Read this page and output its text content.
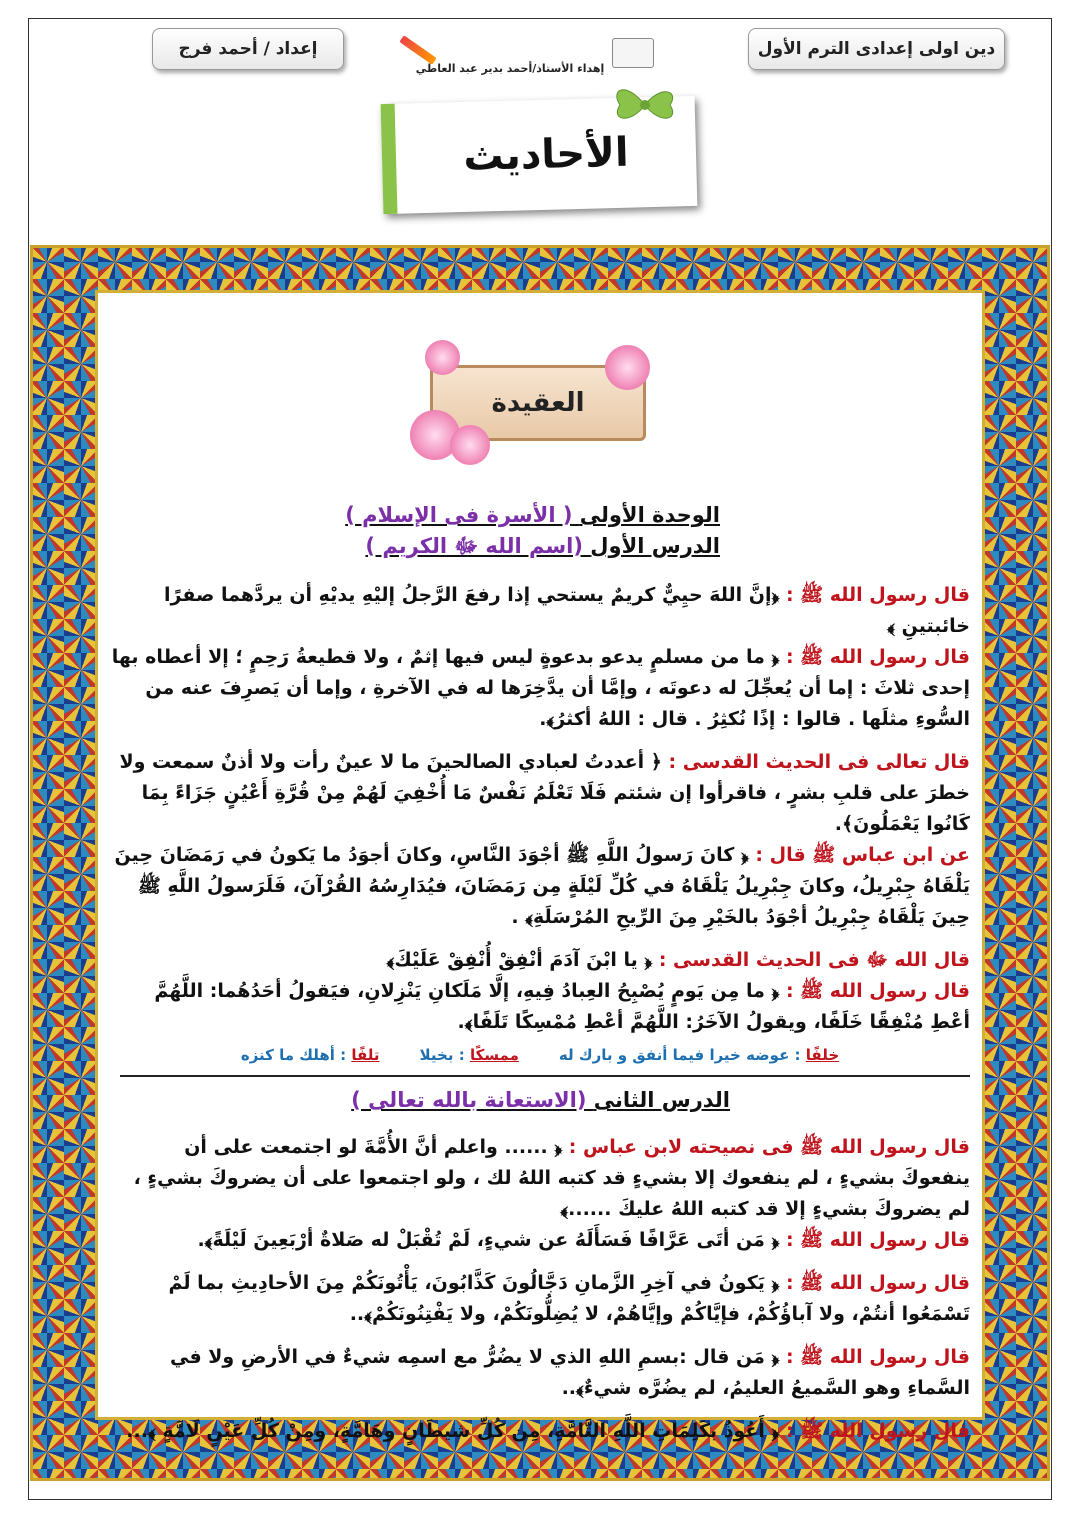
إعداد / أحمد فرج	دين اولى إعدادى الترم الأول
إهداء الأستاذ/أحمد بدير عبد العاطي
الأحاديث
العقيدة

الوحدة الأولى ( الأسرة فى الإسلام )

الدرس الأول (اسم الله ﷻ الكريم )

قال رسول الله ﷺ : ﴿إنَّ اللهَ حيِيٌّ كريمٌ يستحي إذا رفعَ الرَّجلُ إليْهِ يديْهِ أن يردَّهما صفرًا خائبتينِ ﴾

قال رسول الله ﷺ : ﴿ ما من مسلمٍ يدعو بدعوةٍ ليس فيها إثمٌ ، ولا قطيعةُ رَحِمٍ ؛ إلا أعطاه بها إحدى ثلاثَ : إما أن يُعجِّلَ له دعوتَه ، وإمَّا أن يدَّخِرَها له في الآخرةِ ، وإما أن يَصرِفَ عنه من السُّوءِ مثلَها . قالوا : إذًا نُكثِرُ . قال : اللهُ أكثرُ﴾.

قال تعالى فى الحديث القدسى : ﴿ أعددتُ لعبادي الصالحينَ ما لا عينٌ رأت ولا أذنٌ سمعت ولا خطرَ على قلبِ بشرٍ ، فاقرأوا إن شئتم فَلَا تَعْلَمُ نَفْسٌ مَا أُخْفِيَ لَهُمْ مِنْ قُرَّةِ أَعْيُنٍ جَزَاءً بِمَا كَانُوا يَعْمَلُونَ﴾.

عن ابن عباس ﷺ قال : ﴿ كانَ رَسولُ اللَّهِ ﷺ أجْوَدَ النَّاسِ، وكانَ أجوَدُ ما يَكونُ في رَمَضَانَ حِينَ يَلْقَاهُ جِبْرِيلُ، وكانَ جِبْرِيلُ يَلْقَاهُ في كُلِّ لَيْلَةٍ مِن رَمَضَانَ، فيُدَارِسُهُ القُرْآنَ، فَلَرَسولُ اللَّهِ ﷺ حِينَ يَلْقَاهُ جِبْرِيلُ أجْوَدُ بالخَيْرِ مِنَ الرِّيحِ المُرْسَلَةِ﴾ .

قال الله ﷻ فى الحديث القدسى : ﴿ يا ابْنَ آدَمَ أنْفِقْ أُنْفِقْ عَلَيْكَ﴾

قال رسول الله ﷺ : ﴿ ما مِن يَومٍ يُصْبِحُ العِبادُ فِيهِ، إلَّا مَلَكانِ يَنْزِلانِ، فيَقولُ أحَدُهُما: اللَّهُمَّ أعْطِ مُنْفِقًا خَلَفًا، ويقولُ الآخَرُ: اللَّهُمَّ أعْطِ مُمْسِكًا تَلَفًا﴾.

خلفًا : عوضه خيرا فيما أنفق و بارك له
ممسكًا : بخيلا
تلفًا : أهلك ما كنزه

الدرس الثانى (الاستعانة بالله تعالى )

قال رسول الله ﷺ فى نصيحته لابن عباس : ﴿ ...... واعلم أنَّ الأُمَّةَ لو اجتمعت على أن ينفعوكَ بشيءٍ ، لم ينفعوك إلا بشيءٍ قد كتبه اللهُ لك ، ولو اجتمعوا على أن يضروكَ بشيءٍ ، لم يضروكَ بشيءٍ إلا قد كتبه اللهُ عليكَ ......﴾

قال رسول الله ﷺ : ﴿ مَن أتَى عَرَّافًا فَسَأَلَهُ عن شيءٍ، لَمْ تُقْبَلْ له صَلاةٌ أرْبَعِينَ لَيْلَةً﴾.

قال رسول الله ﷺ : ﴿ يَكونُ في آخِرِ الزَّمانِ دَجَّالُونَ كَذَّابُونَ، يَأْتُونَكُمْ مِنَ الأحادِيثِ بما لَمْ تَسْمَعُوا أنتُمْ، ولا آباؤُكُمْ، فإيَّاكُمْ وإيَّاهُمْ، لا يُضِلُّونَكُمْ، ولا يَفْتِنُونَكُمْ﴾..

قال رسول الله ﷺ : ﴿ مَن قال :بسمِ اللهِ الذي لا يضُرُّ مع اسمِه شيءٌ في الأرضِ ولا في السَّماءِ وهو السَّميعُ العليمُ، لم يضُرَّه شيءٌ﴾..

قال رسول الله ﷺ : ﴿ أَعُوذُ بكَلِمَاتِ اللَّهِ التَّامَّةِ، مِن كُلِّ شيطَانٍ وهَامَّةٍ، ومِنْ كُلِّ عَيْنٍ لَامَّةٍ ﴾...
